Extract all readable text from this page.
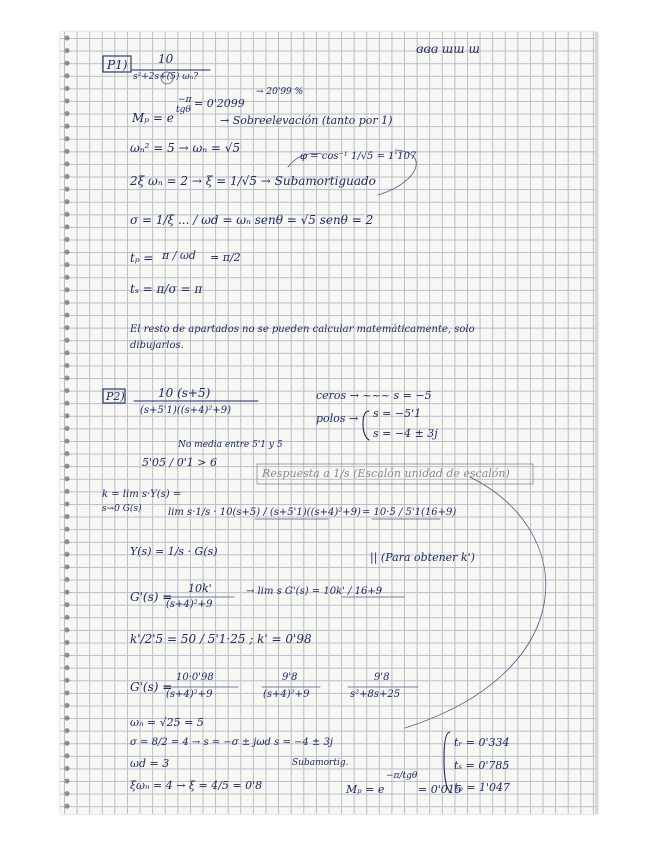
P1)	10
s²+2s+(5) ωₙ?
Mₚ = e
−π
tgθ = 0'2099
→ 20'99 %
→ Sobreelevación (tanto por 1)
ωₙ² = 5 → ωₙ = √5
φ = cos⁻¹ 1/√5 = 1'107
2ξ ωₙ = 2 → ξ = 1/√5 → Subamortiguado
σ = 1/ξ ... / ωd = ωₙ senθ = √5 senθ = 2
tₚ = π / ωd = π/2
tₛ = π/σ = π
El resto de apartados no se pueden calcular matemáticamente, solo
dibujarlos.
ɞɞɞ ɯɯ ɯ
P2)	10 (s+5)
(s+5'1)((s+4)²+9)
ceros → ~~~ s = −5
polos → s = −5'1
s = −4 ± 3j
No media entre 5'1 y 5
5'05 / 0'1 > 6
Respuesta a 1/s (Escalón unidad de escalón)
k = lim s·Y(s) =
s→0 G(s)	lim s·1/s · 10(s+5) / (s+5'1)((s+4)²+9) = 10·5 / 5'1(16+9)
Y(s) = 1/s · G(s)	|| (Para obtener k')
G'(s) =
10k'
(s+4)²+9
→ lim s G'(s) = 10k' / 16+9
k'/2'5 = 50 / 5'1·25 ; k' = 0'98
G'(s) =
10·0'98
(s+4)²+9
9'8
(s+4)²+9
9'8
s²+8s+25
ωₙ = √25 = 5
σ = 8/2 = 4 → s = −σ ± jωd s = −4 ± 3j
ωd = 3
ξωₙ = 4 → ξ = 4/5 = 0'8
Subamortig.
Mₚ = e
−π/tgθ
= 0'015
tᵣ = 0'334
tₛ = 0'785
tₚ = 1'047
